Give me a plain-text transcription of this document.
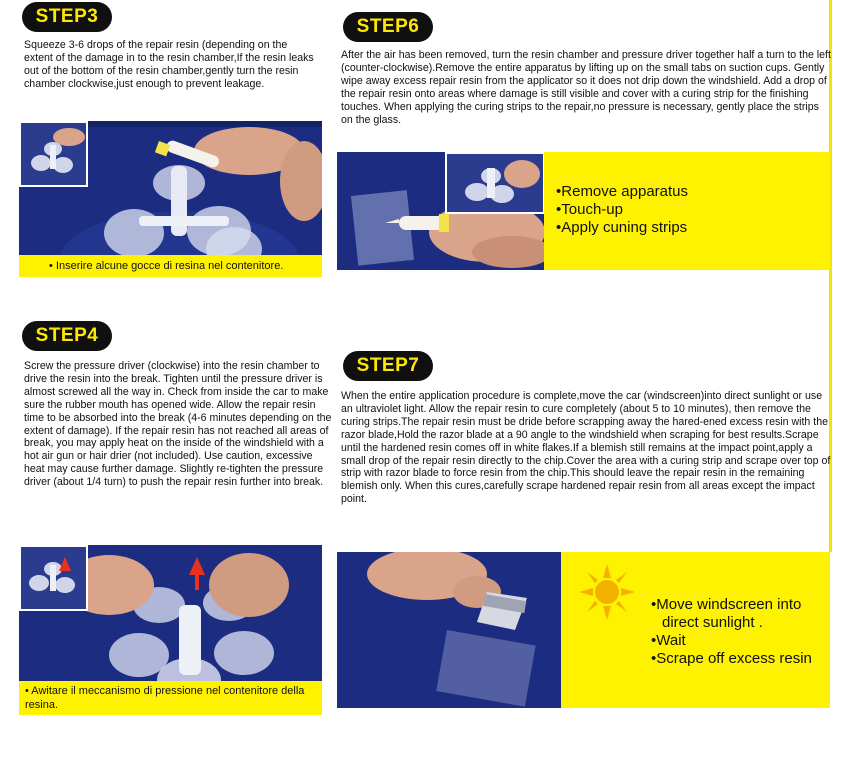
STEP3

Squeeze 3-6 drops of the repair resin (depending on the extent of the damage in to the resin chamber,If the resin leaks out of the bottom of the resin chamber,gently turn the resin chamber clockwise,just enough to prevent leakage.

• Inserire alcune gocce di resina nel contenitore.
STEP6

After the air has been removed, turn the resin chamber and pressure driver together half a turn to the left (counter-clockwise).Remove the entire apparatus by lifting up on the small tabs on suction cups. Gently wipe away excess repair resin from the applicator so it does not drip down the windshield. Add a drop of the repair resin onto areas where damage is still visible and cover with a curing strip for the finishing touches. When applying the curing strips to the repair,no pressure is necessary, gently place the strips on the glass.

• Remove apparatus
• Touch-up
• Apply cuning strips
STEP4

Screw the pressure driver (clockwise) into the resin chamber to drive the resin into the break. Tighten until the pressure driver is almost screwed all the way in. Check from inside the car to make sure the rubber mouth has opened wide. Allow the repair resin time to be absorbed into the break (4-6 minutes depending on the extent of damage). If the repair resin has not reached all areas of break, you may apply heat on the inside of the windshield with a hot air gun or hair drier (not included). Use caution, excessive heat may cause further damage. Slightly re-tighten the pressure driver (about 1/4 turn) to push the repair resin further into break.

• Awitare il meccanismo di pressione nel contenitore della resina.
STEP7

When the entire application procedure is complete,move the car (windscreen)into direct sunlight or use an ultraviolet light. Allow the repair resin to cure completely (about 5 to 10 minutes), then remove the curing strips.The repair resin must be dride before scrapping away the hared-ened excess resin with the razor blade,Hold the razor blade at a 90 angle to the windshield when scraping for best results.Scrape until the hardened resin comes off in white flakes.If a blemish still remains at the impact point,apply a small drop of the repair resin directly to the chip.Cover the area with a curing strip and scrape over top of strip with razor blade to force resin from the chip.This should leave the repair resin in the remaining blemish only. When this cures,carefully scrape hardened repair resin from all areas except the impact point.

• Move windscreen into direct sunlight .
• Wait
• Scrape off excess resin
